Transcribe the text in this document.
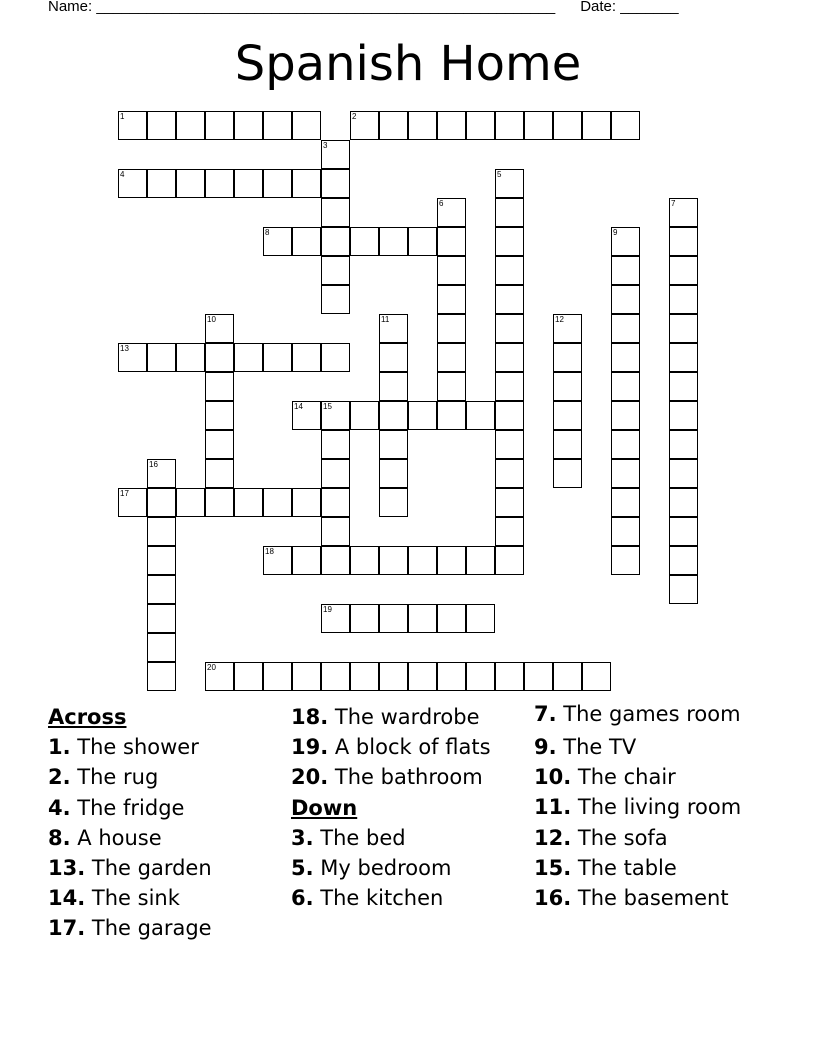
Name: _______________________________________________________ Date: _______
Spanish Home
1	2
3
4	5
6	7
8	9
10	11	12
13
14	15
16
17
18
19
20
Across
1. The shower
2. The rug
4. The fridge
8. A house
13. The garden
14. The sink
17. The garage
18. The wardrobe
19. A block of flats
20. The bathroom
Down
3. The bed
5. My bedroom
6. The kitchen
7. The games room
9. The TV
10. The chair
11. The living room
12. The sofa
15. The table
16. The basement
